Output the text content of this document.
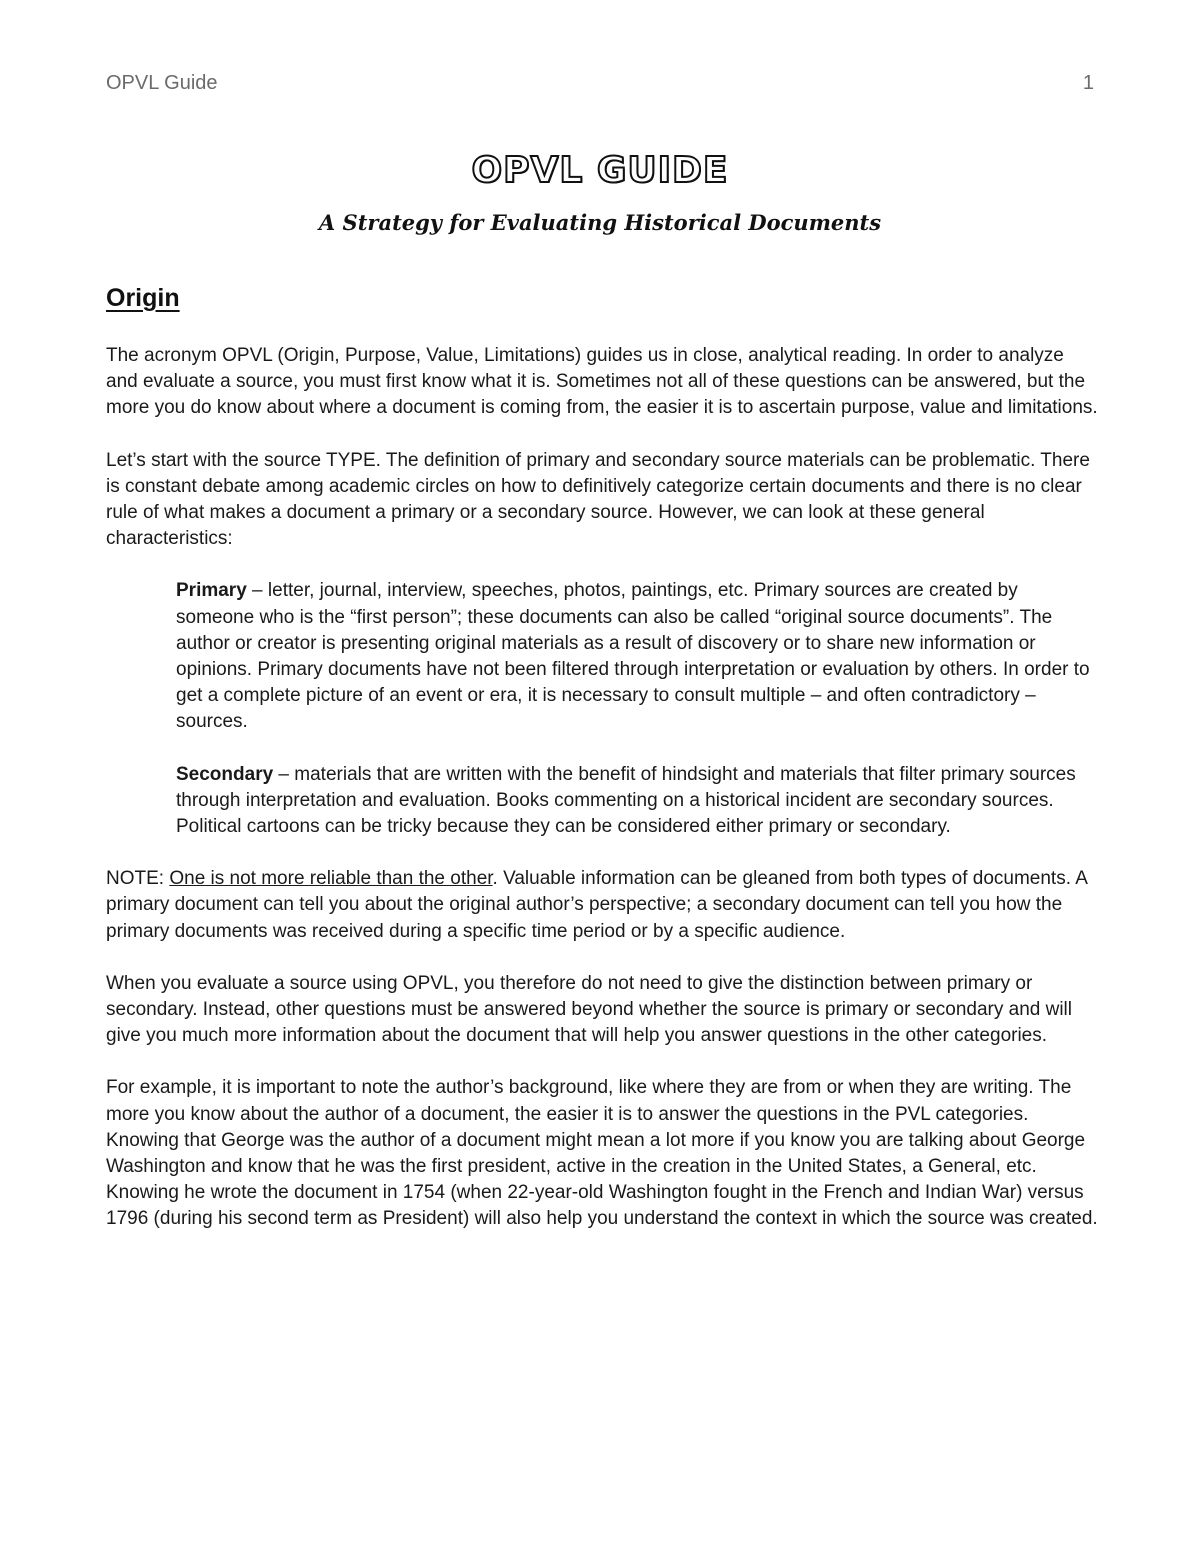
OPVL Guide	1
OPVL GUIDE
A Strategy for Evaluating Historical Documents
Origin

The acronym OPVL (Origin, Purpose, Value, Limitations) guides us in close, analytical reading. In order to analyze and evaluate a source, you must first know what it is. Sometimes not all of these questions can be answered, but the more you do know about where a document is coming from, the easier it is to ascertain purpose, value and limitations.

Let’s start with the source TYPE. The definition of primary and secondary source materials can be problematic. There is constant debate among academic circles on how to definitively categorize certain documents and there is no clear rule of what makes a document a primary or a secondary source. However, we can look at these general characteristics:

Primary – letter, journal, interview, speeches, photos, paintings, etc. Primary sources are created by someone who is the “first person”; these documents can also be called “original source documents”. The author or creator is presenting original materials as a result of discovery or to share new information or opinions. Primary documents have not been filtered through interpretation or evaluation by others. In order to get a complete picture of an event or era, it is necessary to consult multiple – and often contradictory – sources.

Secondary – materials that are written with the benefit of hindsight and materials that filter primary sources through interpretation and evaluation. Books commenting on a historical incident are secondary sources. Political cartoons can be tricky because they can be considered either primary or secondary.

NOTE: One is not more reliable than the other. Valuable information can be gleaned from both types of documents. A primary document can tell you about the original author’s perspective; a secondary document can tell you how the primary documents was received during a specific time period or by a specific audience.

When you evaluate a source using OPVL, you therefore do not need to give the distinction between primary or secondary. Instead, other questions must be answered beyond whether the source is primary or secondary and will give you much more information about the document that will help you answer questions in the other categories.

For example, it is important to note the author’s background, like where they are from or when they are writing. The more you know about the author of a document, the easier it is to answer the questions in the PVL categories. Knowing that George was the author of a document might mean a lot more if you know you are talking about George Washington and know that he was the first president, active in the creation in the United States, a General, etc. Knowing he wrote the document in 1754 (when 22-year-old Washington fought in the French and Indian War) versus 1796 (during his second term as President) will also help you understand the context in which the source was created.
